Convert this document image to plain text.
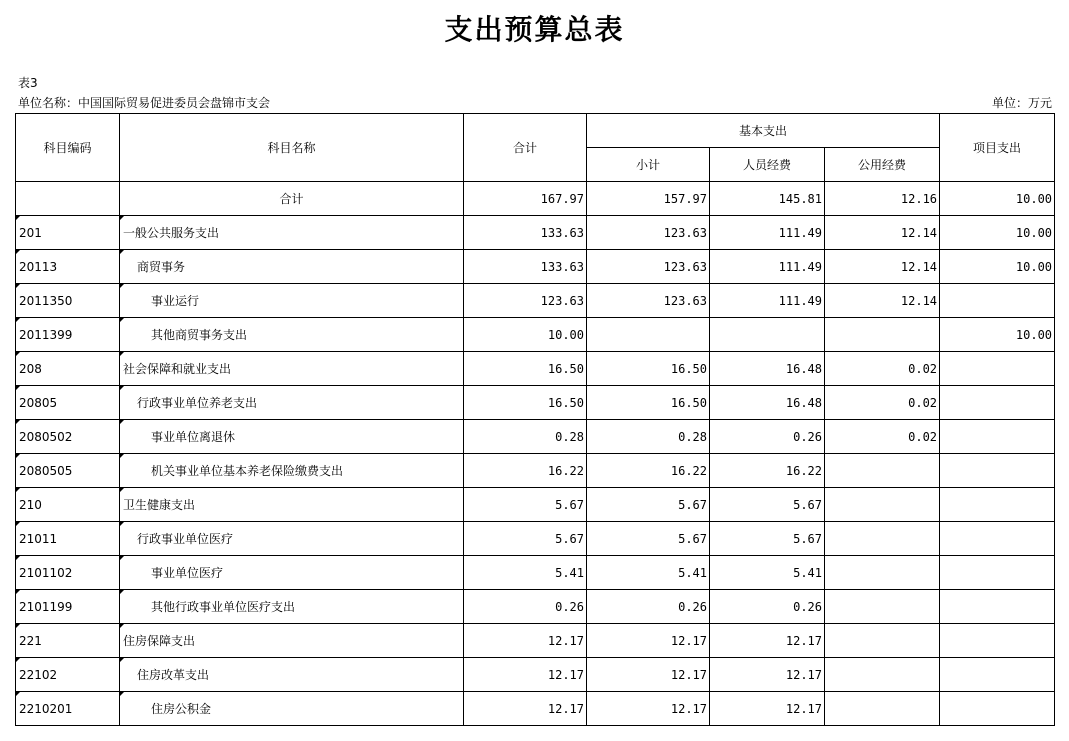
支出预算总表
表3
单位名称：中国国际贸易促进委员会盘锦市支会	单位：万元
科目编码	科目名称	合计	基本支出			项目支出
			小计	人员经费	公用经费	
	合计	167.97	157.97	145.81	12.16	10.00

201	一般公共服务支出	133.63	123.63	111.49	12.14	10.00

20113	商贸事务	133.63	123.63	111.49	12.14	10.00

2011350	事业运行	123.63	123.63	111.49	12.14	

2011399	其他商贸事务支出	10.00				10.00

208	社会保障和就业支出	16.50	16.50	16.48	0.02	

20805	行政事业单位养老支出	16.50	16.50	16.48	0.02	

2080502	事业单位离退休	0.28	0.28	0.26	0.02	

2080505	机关事业单位基本养老保险缴费支出	16.22	16.22	16.22		

210	卫生健康支出	5.67	5.67	5.67		

21011	行政事业单位医疗	5.67	5.67	5.67		

2101102	事业单位医疗	5.41	5.41	5.41		

2101199	其他行政事业单位医疗支出	0.26	0.26	0.26		

221	住房保障支出	12.17	12.17	12.17		

22102	住房改革支出	12.17	12.17	12.17		

2210201	住房公积金	12.17	12.17	12.17		
